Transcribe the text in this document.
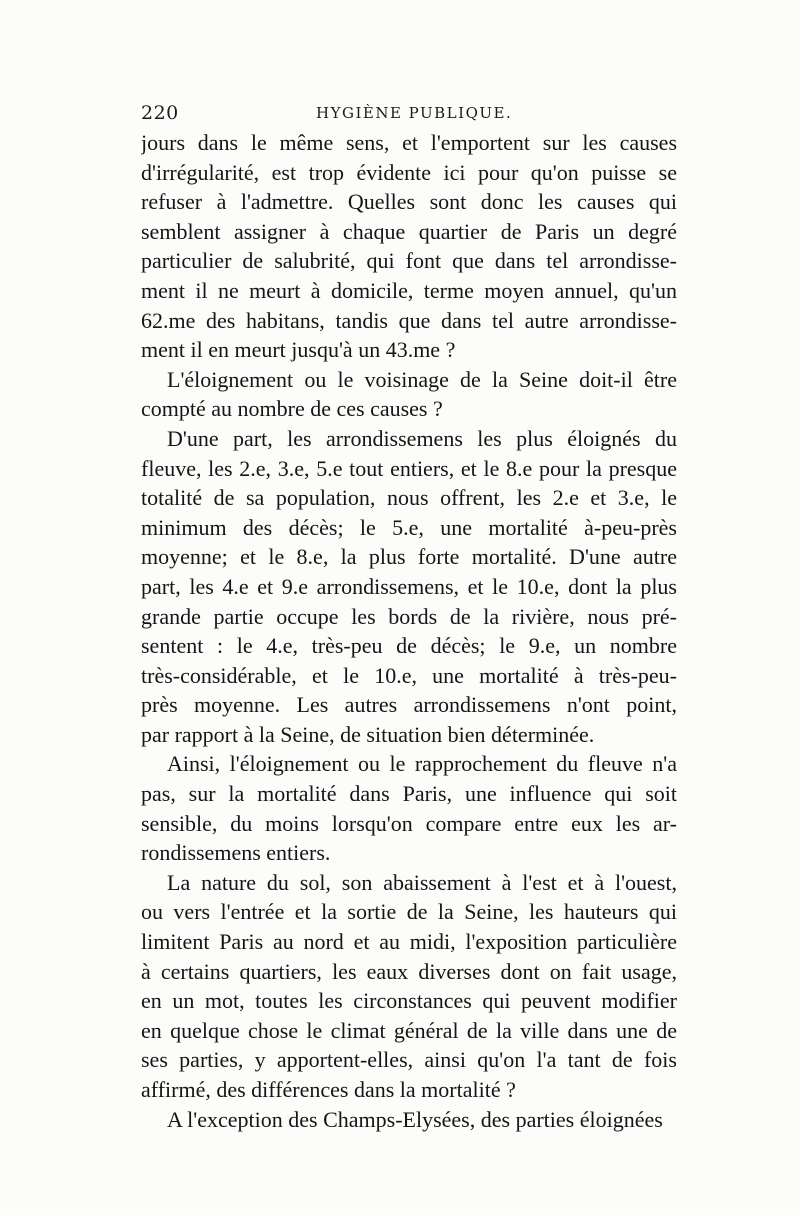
220	HYGIÈNE PUBLIQUE.
jours dans le même sens, et l'emportent sur les causes
d'irrégularité, est trop évidente ici pour qu'on puisse se
refuser à l'admettre. Quelles sont donc les causes qui
semblent assigner à chaque quartier de Paris un degré
particulier de salubrité, qui font que dans tel arrondisse-
ment il ne meurt à domicile, terme moyen annuel, qu'un
62.me des habitans, tandis que dans tel autre arrondisse-
ment il en meurt jusqu'à un 43.me ?
L'éloignement ou le voisinage de la Seine doit-il être
compté au nombre de ces causes ?
D'une part, les arrondissemens les plus éloignés du
fleuve, les 2.e, 3.e, 5.e tout entiers, et le 8.e pour la presque
totalité de sa population, nous offrent, les 2.e et 3.e, le
minimum des décès; le 5.e, une mortalité à-peu-près
moyenne; et le 8.e, la plus forte mortalité. D'une autre
part, les 4.e et 9.e arrondissemens, et le 10.e, dont la plus
grande partie occupe les bords de la rivière, nous pré-
sentent : le 4.e, très-peu de décès; le 9.e, un nombre
très-considérable, et le 10.e, une mortalité à très-peu-
près moyenne. Les autres arrondissemens n'ont point,
par rapport à la Seine, de situation bien déterminée.
Ainsi, l'éloignement ou le rapprochement du fleuve n'a
pas, sur la mortalité dans Paris, une influence qui soit
sensible, du moins lorsqu'on compare entre eux les ar-
rondissemens entiers.
La nature du sol, son abaissement à l'est et à l'ouest,
ou vers l'entrée et la sortie de la Seine, les hauteurs qui
limitent Paris au nord et au midi, l'exposition particulière
à certains quartiers, les eaux diverses dont on fait usage,
en un mot, toutes les circonstances qui peuvent modifier
en quelque chose le climat général de la ville dans une de
ses parties, y apportent-elles, ainsi qu'on l'a tant de fois
affirmé, des différences dans la mortalité ?
A l'exception des Champs-Elysées, des parties éloignées
